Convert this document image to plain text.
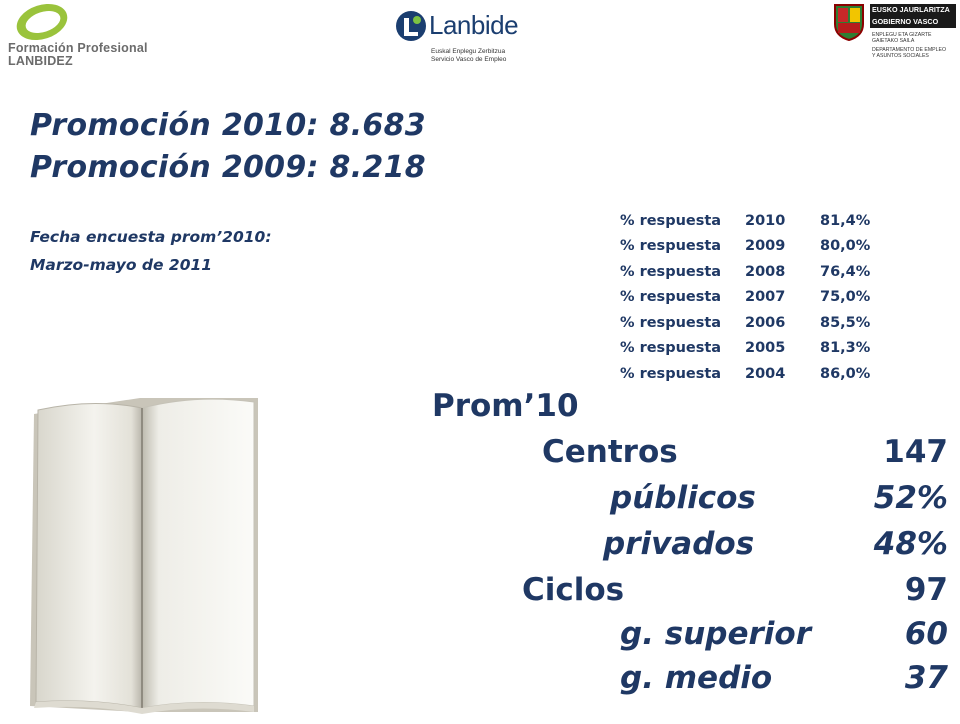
Formación Profesional
LANBIDEZ
Lanbide
Euskal Enplegu Zerbitzua
Servicio Vasco de Empleo
EUSKO JAURLARITZA
GOBIERNO VASCO
ENPLEGU ETA GIZARTE
GAIETAKO SAILA
DEPARTAMENTO DE EMPLEO
Y ASUNTOS SOCIALES
Promoción 2010: 8.683
Promoción 2009: 8.218
Fecha encuesta prom’2010:
Marzo-mayo de 2011
% respuesta	2010	81,4%
% respuesta	2009	80,0%
% respuesta	2008	76,4%
% respuesta	2007	75,0%
% respuesta	2006	85,5%
% respuesta	2005	81,3%
% respuesta	2004	86,0%
Prom’10
Centros	147
públicos	52%
privados	48%
Ciclos	97
g. superior	60
g. medio	37
